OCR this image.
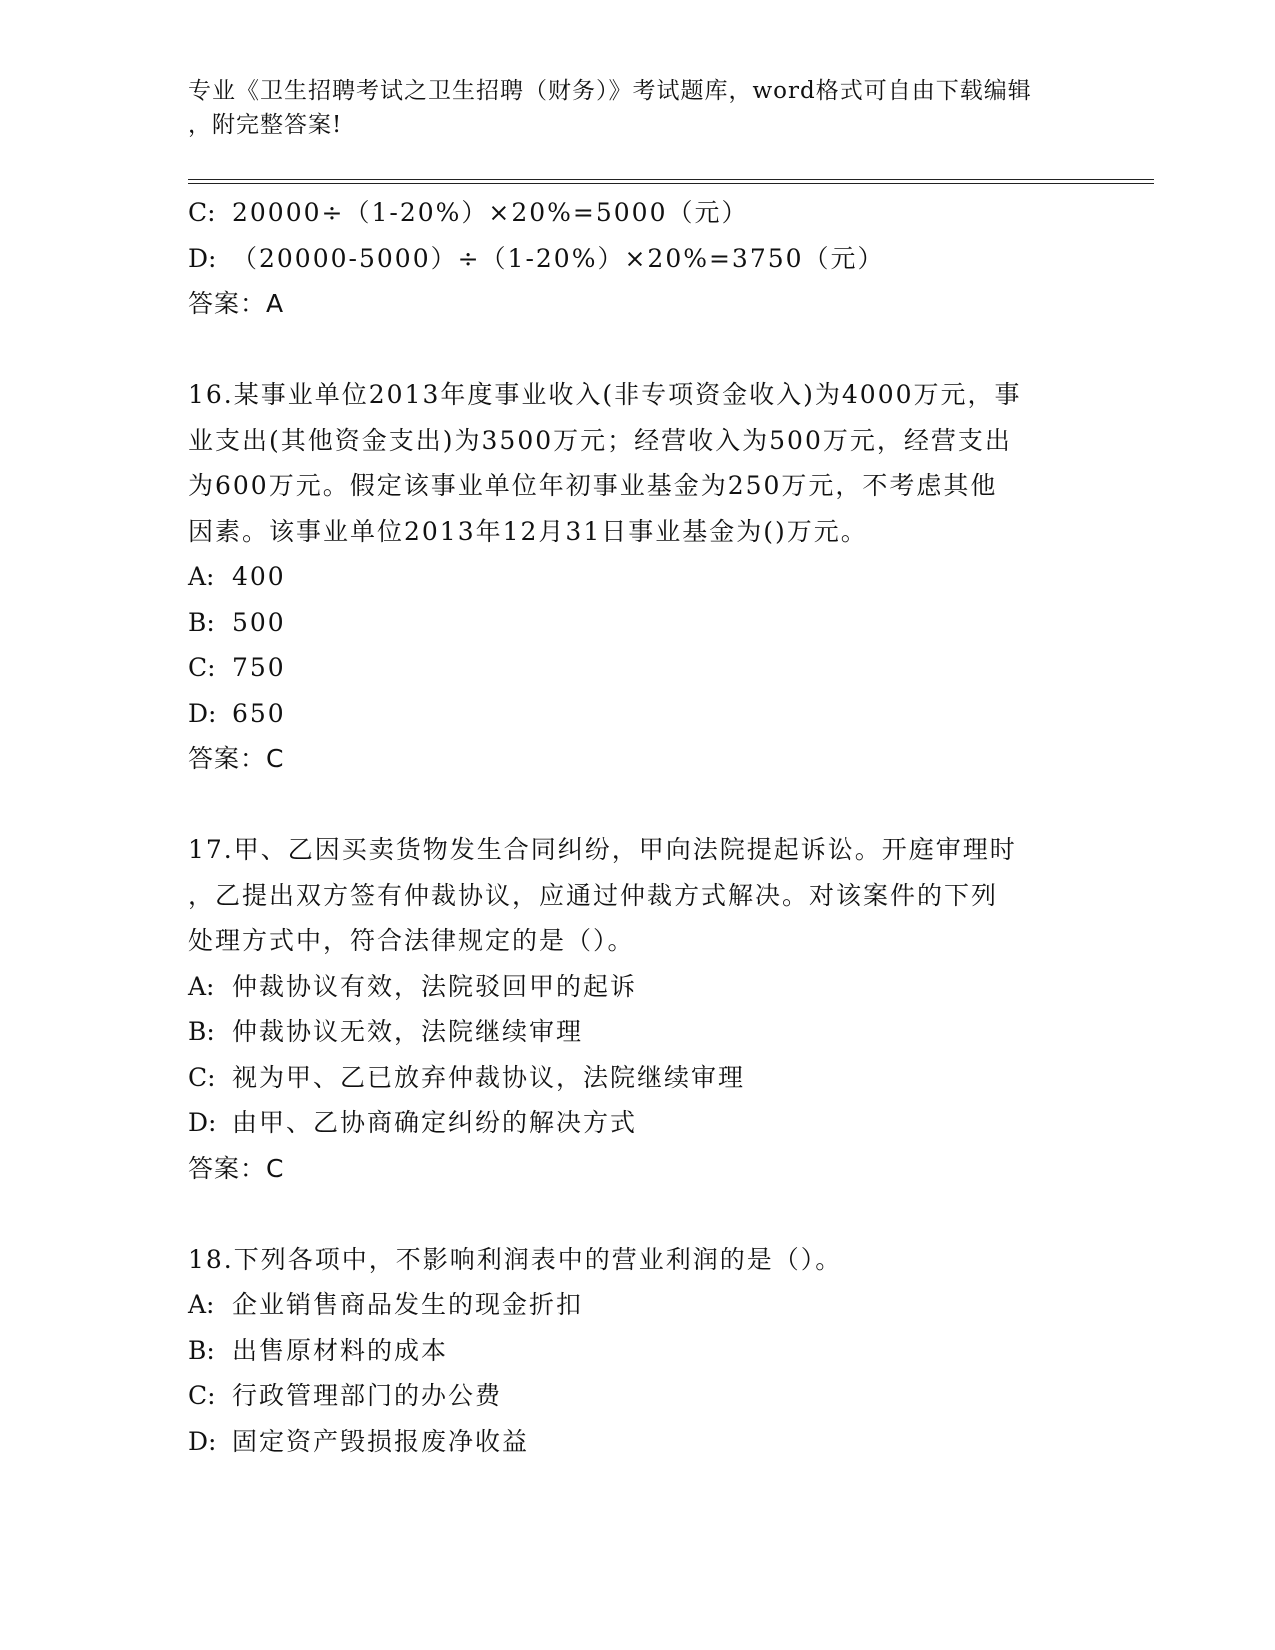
专业《卫生招聘考试之卫生招聘（财务）》考试题库，word格式可自由下载编辑
，附完整答案!
C: 20000÷（1-20%）×20%=5000（元）
D: （20000-5000）÷（1-20%）×20%=3750（元）
答案：A
16.某事业单位2013年度事业收入(非专项资金收入)为4000万元，事
业支出(其他资金支出)为3500万元；经营收入为500万元，经营支出
为600万元。假定该事业单位年初事业基金为250万元，不考虑其他
因素。该事业单位2013年12月31日事业基金为()万元。
A: 400
B: 500
C: 750
D: 650
答案：C
17.甲、乙因买卖货物发生合同纠纷，甲向法院提起诉讼。开庭审理时
，乙提出双方签有仲裁协议，应通过仲裁方式解决。对该案件的下列
处理方式中，符合法律规定的是（）。
A: 仲裁协议有效，法院驳回甲的起诉
B: 仲裁协议无效，法院继续审理
C: 视为甲、乙已放弃仲裁协议，法院继续审理
D: 由甲、乙协商确定纠纷的解决方式
答案：C
18.下列各项中，不影响利润表中的营业利润的是（）。
A: 企业销售商品发生的现金折扣
B: 出售原材料的成本
C: 行政管理部门的办公费
D: 固定资产毁损报废净收益
